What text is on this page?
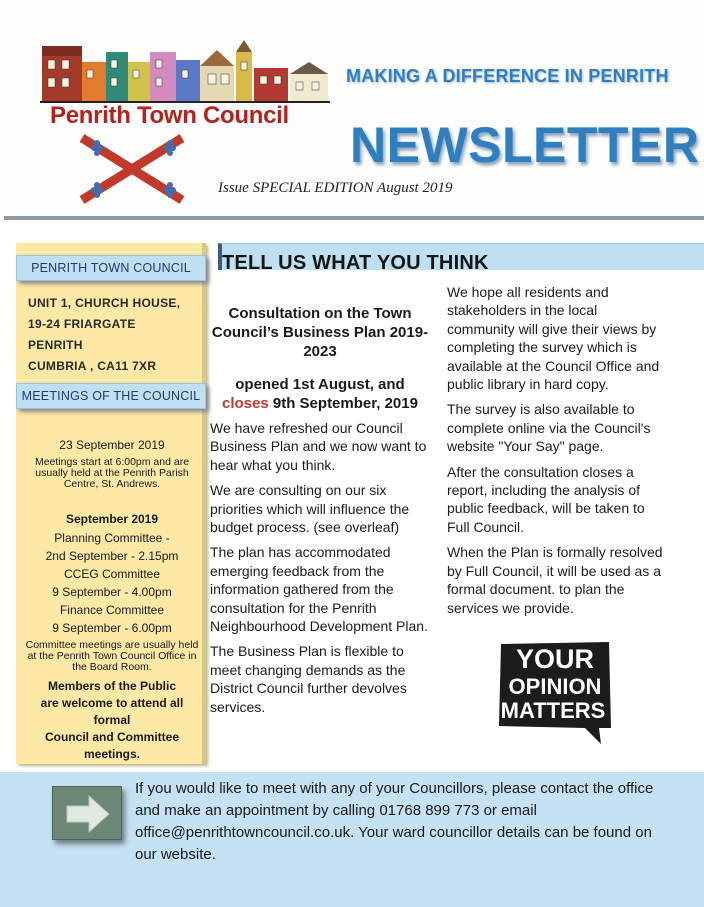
Penrith Town Council
MAKING A DIFFERENCE IN PENRITH
NEWSLETTER
Issue SPECIAL EDITION August 2019
PENRITH TOWN COUNCIL
UNIT 1, CHURCH HOUSE,
19-24 FRIARGATE
PENRITH
CUMBRIA , CA11 7XR
MEETINGS OF THE COUNCIL
23 September 2019
Meetings start at 6:00pm and are usually held at the Penrith Parish Centre, St. Andrews.
September 2019
Planning Committee -
2nd September - 2.15pm
CCEG Committee
9 September - 4.00pm
Finance Committee
9 September - 6.00pm
Committee meetings are usually held at the Penrith Town Council Office in the Board Room.
Members of the Public
are welcome to attend all
formal
Council and Committee
meetings.
TELL US WHAT YOU THINK
Consultation on the Town Council’s Business Plan 2019-2023
opened 1st August, and
closes 9th September, 2019

We have refreshed our Council Business Plan and we now want to hear what you think.

We are consulting on our six priorities which will influence the budget process. (see overleaf)

The plan has accommodated emerging feedback from the information gathered from the consultation for the Penrith Neighbourhood Development Plan.

The Business Plan is flexible to meet changing demands as the District Council further devolves services.

We hope all residents and stakeholders in the local community will give their views by completing the survey which is available at the Council Office and public library in hard copy.

The survey is also available to complete online via the Council's website "Your Say" page.

After the consultation closes a report, including the analysis of public feedback, will be taken to Full Council.

When the Plan is formally resolved by Full Council, it will be used as a formal document. to plan the services we provide.

YOUR
OPINION
MATTERS
If you would like to meet with any of your Councillors, please contact the office and make an appointment by calling 01768 899 773 or email office@penrithtowncouncil.co.uk. Your ward councillor details can be found on our website.
